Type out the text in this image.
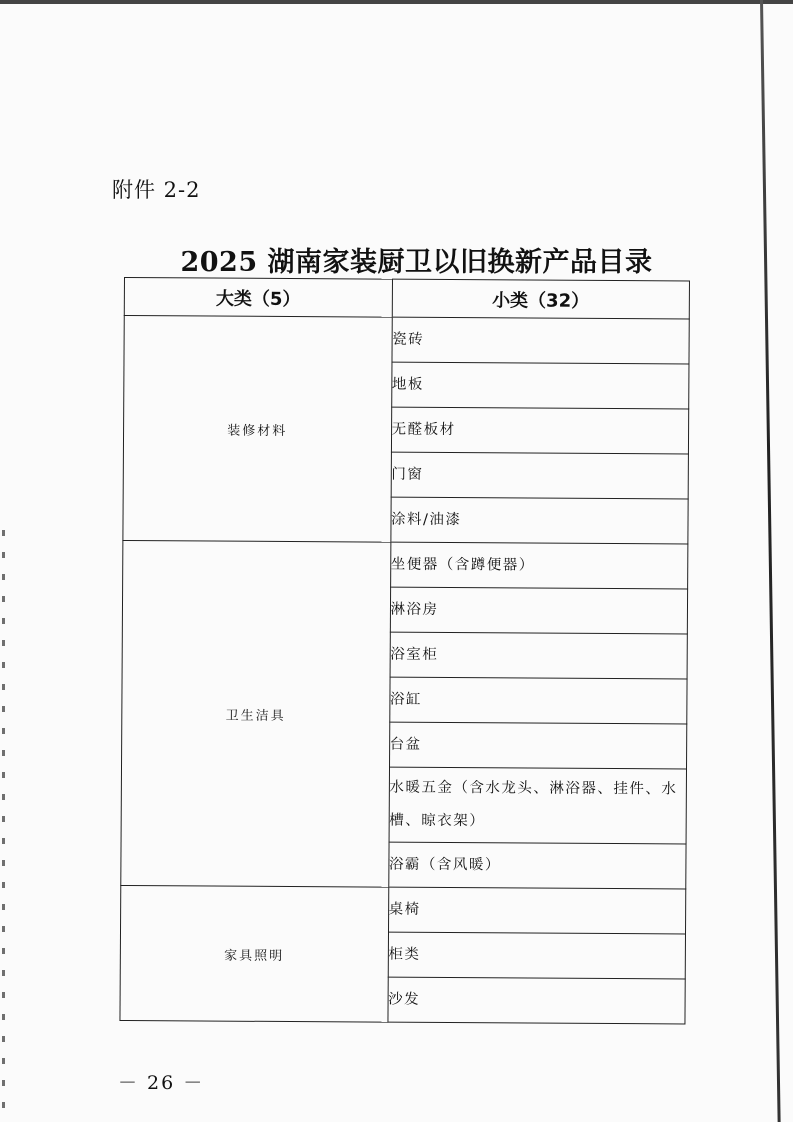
附件 2-2
2025 湖南家装厨卫以旧换新产品目录
大类（5）	小类（32）
装修材料	瓷砖
	地板
	无醛板材
	门窗
	涂料/油漆
卫生洁具	坐便器（含蹲便器）
	淋浴房
	浴室柜
	浴缸
	台盆
	水暖五金（含水龙头、淋浴器、挂件、水槽、晾衣架）
	浴霸（含风暖）
家具照明	桌椅
	柜类
	沙发
－ 26 －
